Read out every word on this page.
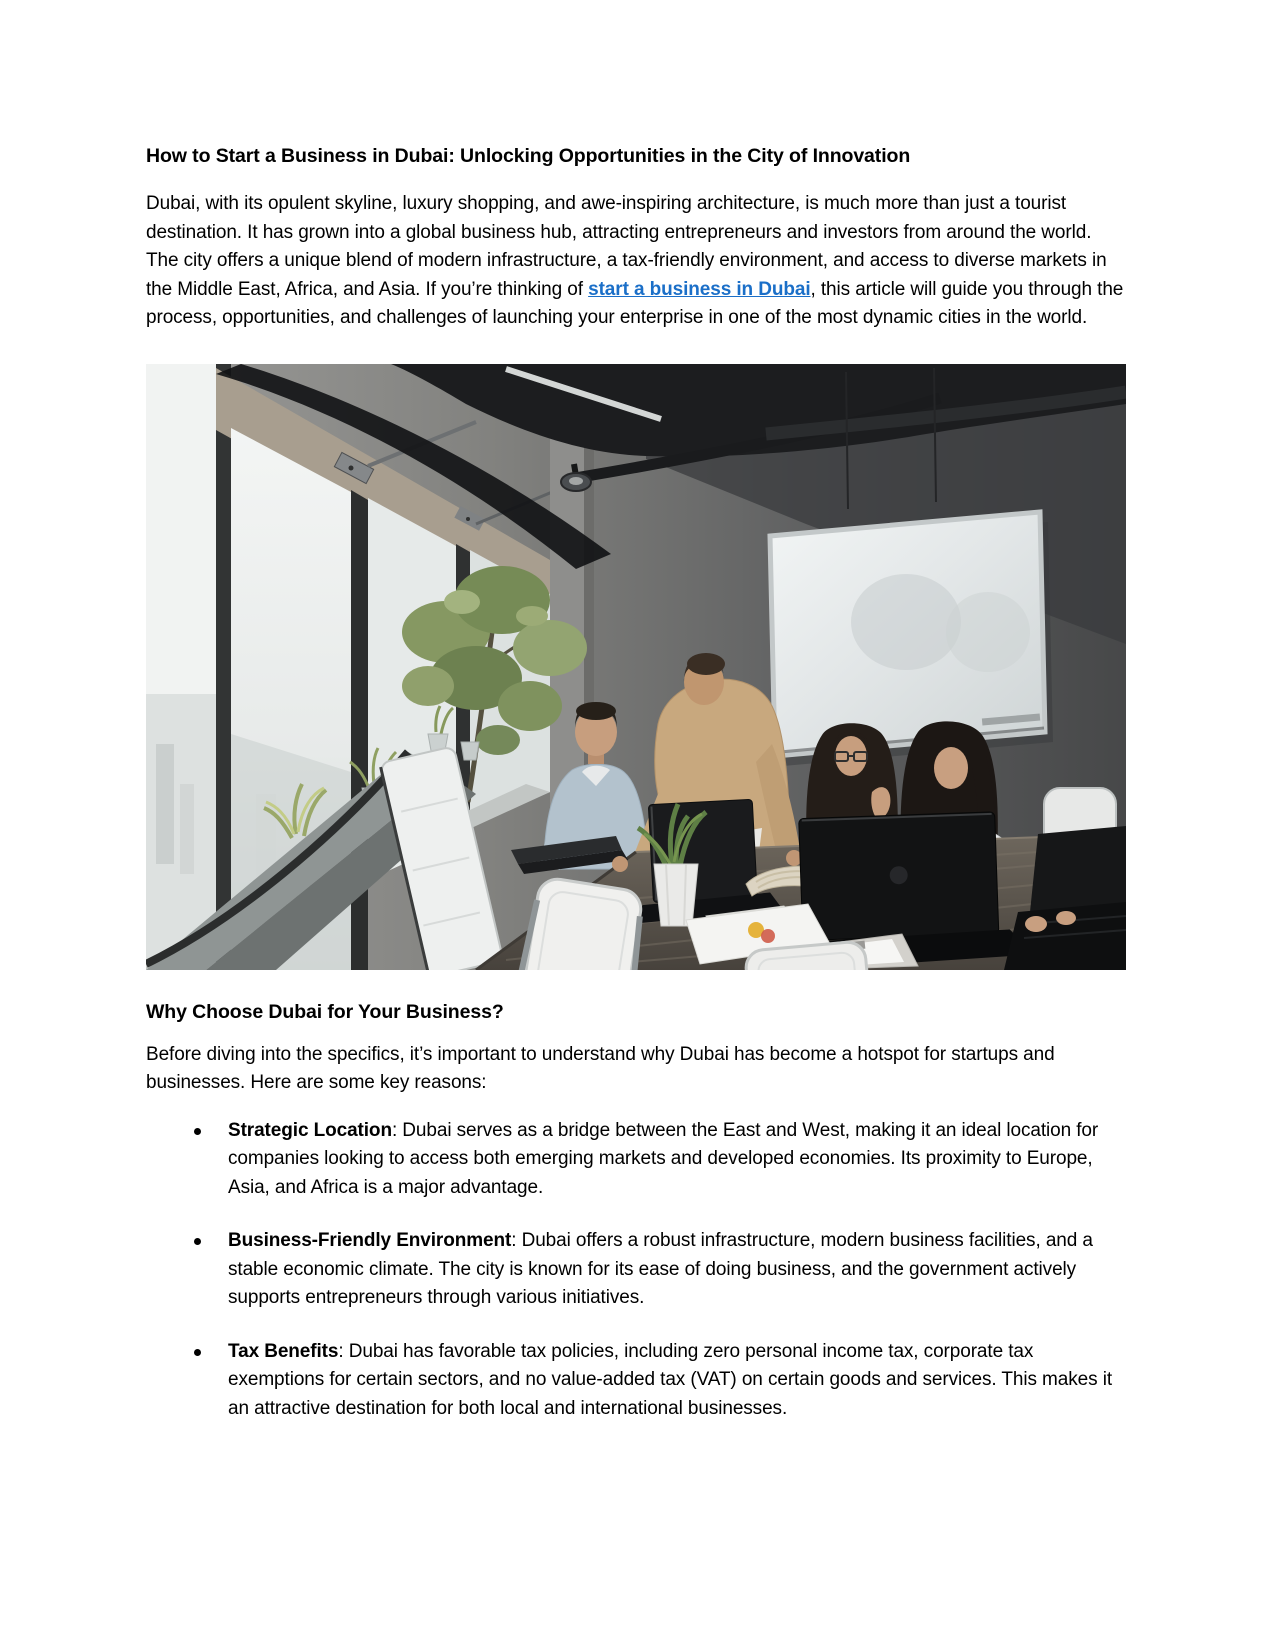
How to Start a Business in Dubai: Unlocking Opportunities in the City of Innovation

Dubai, with its opulent skyline, luxury shopping, and awe-inspiring architecture, is much more than just a tourist destination. It has grown into a global business hub, attracting entrepreneurs and investors from around the world. The city offers a unique blend of modern infrastructure, a tax-friendly environment, and access to diverse markets in the Middle East, Africa, and Asia. If you’re thinking of start a business in Dubai, this article will guide you through the process, opportunities, and challenges of launching your enterprise in one of the most dynamic cities in the world.

Why Choose Dubai for Your Business?

Before diving into the specifics, it’s important to understand why Dubai has become a hotspot for startups and businesses. Here are some key reasons:

Strategic Location: Dubai serves as a bridge between the East and West, making it an ideal location for companies looking to access both emerging markets and developed economies. Its proximity to Europe, Asia, and Africa is a major advantage.
Business-Friendly Environment: Dubai offers a robust infrastructure, modern business facilities, and a stable economic climate. The city is known for its ease of doing business, and the government actively supports entrepreneurs through various initiatives.
Tax Benefits: Dubai has favorable tax policies, including zero personal income tax, corporate tax exemptions for certain sectors, and no value-added tax (VAT) on certain goods and services. This makes it an attractive destination for both local and international businesses.
